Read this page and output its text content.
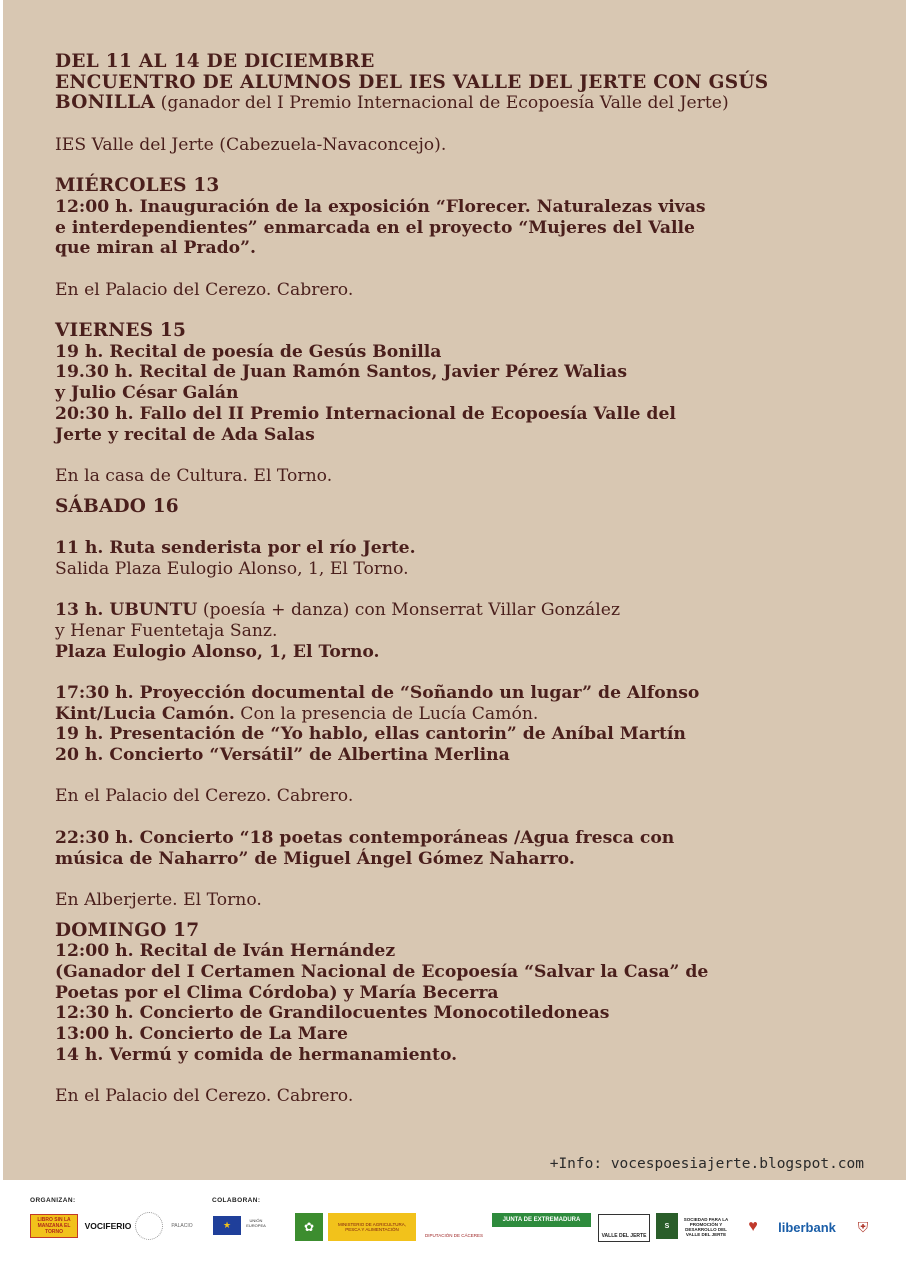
DEL 11 AL 14 DE DICIEMBRE
ENCUENTRO DE ALUMNOS DEL IES VALLE DEL JERTE CON GSÚS
BONILLA (ganador del I Premio Internacional de Ecopoesía Valle del Jerte)
IES Valle del Jerte (Cabezuela-Navaconcejo).
MIÉRCOLES 13
12:00 h. Inauguración de la exposición “Florecer. Naturalezas vivas
e interdependientes” enmarcada en el proyecto “Mujeres del Valle
que miran al Prado”.
En el Palacio del Cerezo. Cabrero.
VIERNES 15
19 h. Recital de poesía de Gesús Bonilla
19.30 h. Recital de Juan Ramón Santos, Javier Pérez Walias
y Julio César Galán
20:30 h. Fallo del II Premio Internacional de Ecopoesía Valle del
Jerte y recital de Ada Salas
En la casa de Cultura. El Torno.
SÁBADO 16
11 h. Ruta senderista por el río Jerte.
Salida Plaza Eulogio Alonso, 1, El Torno.
13 h. UBUNTU (poesía + danza) con Monserrat Villar González
y Henar Fuentetaja Sanz.
Plaza Eulogio Alonso, 1, El Torno.
17:30 h. Proyección documental de “Soñando un lugar” de Alfonso
Kint/Lucia Camón. Con la presencia de Lucía Camón.
19 h. Presentación de “Yo hablo, ellas cantorin” de Aníbal Martín
20 h. Concierto “Versátil” de Albertina Merlina
En el Palacio del Cerezo. Cabrero.
22:30 h. Concierto “18 poetas contemporáneas /Agua fresca con
música de Naharro” de Miguel Ángel Gómez Naharro.
En Alberjerte. El Torno.
DOMINGO 17
12:00 h. Recital de Iván Hernández
(Ganador del I Certamen Nacional de Ecopoesía “Salvar la Casa” de
Poetas por el Clima Córdoba) y María Becerra
12:30 h. Concierto de Grandilocuentes Monocotiledoneas
13:00 h. Concierto de La Mare
14 h. Vermú y comida de hermanamiento.
En el Palacio del Cerezo. Cabrero.
+Info: vocespoesiajerte.blogspot.com
ORGANIZAN:	COLABORAN:
LIBRO SIN LA MANZANA EL TORNO
VOCIFERIO	PALACIO	★	UNIÓN EUROPEA	✿	MINISTERIO DE AGRICULTURA, PESCA Y ALIMENTACIÓN
DIPUTACIÓN DE CÁCERES
JUNTA DE EXTREMADURA
VALLE DEL JERTE
S
SOCIEDAD PARA LA PROMOCIÓN Y DESARROLLO DEL VALLE DEL JERTE	♥	liberbank	⛨
